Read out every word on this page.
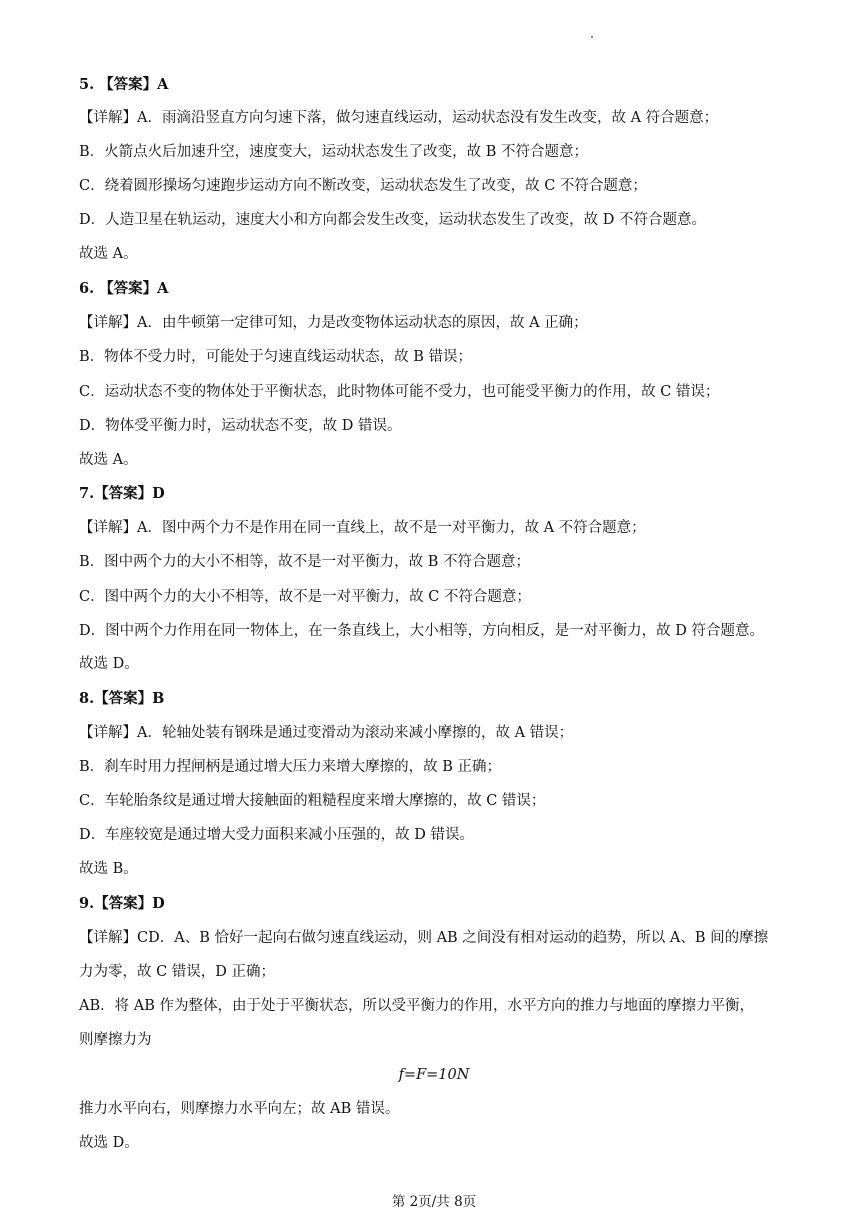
5. 【答案】A
【详解】A．雨滴沿竖直方向匀速下落，做匀速直线运动，运动状态没有发生改变，故 A 符合题意；
B．火箭点火后加速升空，速度变大，运动状态发生了改变，故 B 不符合题意；
C．绕着圆形操场匀速跑步运动方向不断改变，运动状态发生了改变，故 C 不符合题意；
D．人造卫星在轨运动，速度大小和方向都会发生改变，运动状态发生了改变，故 D 不符合题意。
故选 A。
6. 【答案】A
【详解】A．由牛顿第一定律可知，力是改变物体运动状态的原因，故 A 正确；
B．物体不受力时，可能处于匀速直线运动状态，故 B 错误；
C．运动状态不变的物体处于平衡状态，此时物体可能不受力，也可能受平衡力的作用，故 C 错误；
D．物体受平衡力时，运动状态不变，故 D 错误。
故选 A。
7.【答案】D
【详解】A．图中两个力不是作用在同一直线上，故不是一对平衡力，故 A 不符合题意；
B．图中两个力的大小不相等，故不是一对平衡力，故 B 不符合题意；
C．图中两个力的大小不相等，故不是一对平衡力，故 C 不符合题意；
D．图中两个力作用在同一物体上，在一条直线上，大小相等，方向相反，是一对平衡力，故 D 符合题意。
故选 D。
8.【答案】B
【详解】A．轮轴处装有钢珠是通过变滑动为滚动来减小摩擦的，故 A 错误；
B．刹车时用力捏闸柄是通过增大压力来增大摩擦的，故 B 正确；
C．车轮胎条纹是通过增大接触面的粗糙程度来增大摩擦的，故 C 错误；
D．车座较宽是通过增大受力面积来减小压强的，故 D 错误。
故选 B。
9.【答案】D
【详解】CD．A、B 恰好一起向右做匀速直线运动，则 AB 之间没有相对运动的趋势，所以 A、B 间的摩擦
力为零，故 C 错误，D 正确；
AB．将 AB 作为整体，由于处于平衡状态，所以受平衡力的作用，水平方向的推力与地面的摩擦力平衡，
则摩擦力为
f=F=10N
推力水平向右，则摩擦力水平向左；故 AB 错误。
故选 D。
第 2页/共 8页
